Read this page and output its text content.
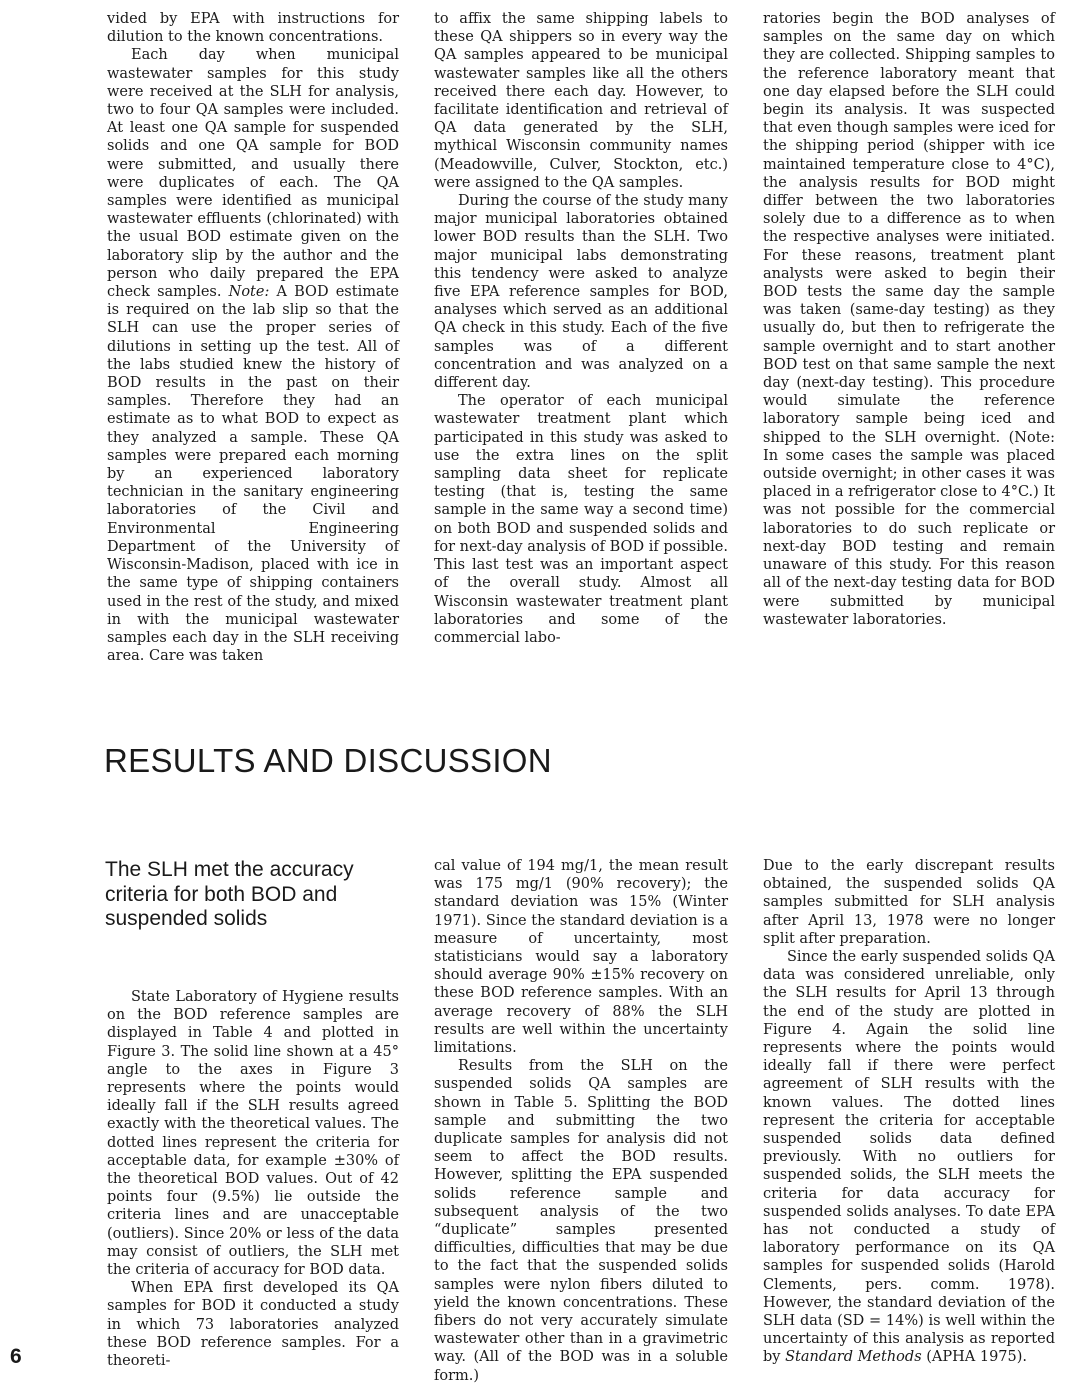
vided by EPA with instructions for dilution to the known concentrations.

Each day when municipal wastewater samples for this study were received at the SLH for analysis, two to four QA samples were included. At least one QA sample for suspended solids and one QA sample for BOD were submitted, and usually there were duplicates of each. The QA samples were identified as municipal wastewater effluents (chlorinated) with the usual BOD estimate given on the laboratory slip by the author and the person who daily prepared the EPA check samples. Note: A BOD estimate is required on the lab slip so that the SLH can use the proper series of dilutions in setting up the test. All of the labs studied knew the history of BOD results in the past on their samples. Therefore they had an estimate as to what BOD to expect as they analyzed a sample. These QA samples were prepared each morning by an experienced laboratory technician in the sanitary engineering laboratories of the Civil and Environmental Engineering Department of the University of Wisconsin-Madison, placed with ice in the same type of shipping containers used in the rest of the study, and mixed in with the municipal wastewater samples each day in the SLH receiving area. Care was taken

to affix the same shipping labels to these QA shippers so in every way the QA samples appeared to be municipal wastewater samples like all the others received there each day. However, to facilitate identification and retrieval of QA data generated by the SLH, mythical Wisconsin community names (Meadowville, Culver, Stockton, etc.) were assigned to the QA samples.

During the course of the study many major municipal laboratories obtained lower BOD results than the SLH. Two major municipal labs demonstrating this tendency were asked to analyze five EPA reference samples for BOD, analyses which served as an additional QA check in this study. Each of the five samples was of a different concentration and was analyzed on a different day.

The operator of each municipal wastewater treatment plant which participated in this study was asked to use the extra lines on the split sampling data sheet for replicate testing (that is, testing the same sample in the same way a second time) on both BOD and suspended solids and for next-day analysis of BOD if possible. This last test was an important aspect of the overall study. Almost all Wisconsin wastewater treatment plant laboratories and some of the commercial labo-

ratories begin the BOD analyses of samples on the same day on which they are collected. Shipping samples to the reference laboratory meant that one day elapsed before the SLH could begin its analysis. It was suspected that even though samples were iced for the shipping period (shipper with ice maintained temperature close to 4°C), the analysis results for BOD might differ between the two laboratories solely due to a difference as to when the respective analyses were initiated. For these reasons, treatment plant analysts were asked to begin their BOD tests the same day the sample was taken (same-day testing) as they usually do, but then to refrigerate the sample overnight and to start another BOD test on that same sample the next day (next-day testing). This procedure would simulate the reference laboratory sample being iced and shipped to the SLH overnight. (Note: In some cases the sample was placed outside overnight; in other cases it was placed in a refrigerator close to 4°C.) It was not possible for the commercial laboratories to do such replicate or next-day BOD testing and remain unaware of this study. For this reason all of the next-day testing data for BOD were submitted by municipal wastewater laboratories.

RESULTS AND DISCUSSION
The SLH met the accuracy criteria for both BOD and suspended solids

State Laboratory of Hygiene results on the BOD reference samples are displayed in Table 4 and plotted in Figure 3. The solid line shown at a 45° angle to the axes in Figure 3 represents where the points would ideally fall if the SLH results agreed exactly with the theoretical values. The dotted lines represent the criteria for acceptable data, for example ±30% of the theoretical BOD values. Out of 42 points four (9.5%) lie outside the criteria lines and are unacceptable (outliers). Since 20% or less of the data may consist of outliers, the SLH met the criteria of accuracy for BOD data.

When EPA first developed its QA samples for BOD it conducted a study in which 73 laboratories analyzed these BOD reference samples. For a theoreti-

cal value of 194 mg/1, the mean result was 175 mg/1 (90% recovery); the standard deviation was 15% (Winter 1971). Since the standard deviation is a measure of uncertainty, most statisticians would say a laboratory should average 90% ±15% recovery on these BOD reference samples. With an average recovery of 88% the SLH results are well within the uncertainty limitations.

Results from the SLH on the suspended solids QA samples are shown in Table 5. Splitting the BOD sample and submitting the two duplicate samples for analysis did not seem to affect the BOD results. However, splitting the EPA suspended solids reference sample and subsequent analysis of the two “duplicate” samples presented difficulties, difficulties that may be due to the fact that the suspended solids samples were nylon fibers diluted to yield the known concentrations. These fibers do not very accurately simulate wastewater other than in a gravimetric way. (All of the BOD was in a soluble form.)

Due to the early discrepant results obtained, the suspended solids QA samples submitted for SLH analysis after April 13, 1978 were no longer split after preparation.

Since the early suspended solids QA data was considered unreliable, only the SLH results for April 13 through the end of the study are plotted in Figure 4. Again the solid line represents where the points would ideally fall if there were perfect agreement of SLH results with the known values. The dotted lines represent the criteria for acceptable suspended solids data defined previously. With no outliers for suspended solids, the SLH meets the criteria for data accuracy for suspended solids analyses. To date EPA has not conducted a study of laboratory performance on its QA samples for suspended solids (Harold Clements, pers. comm. 1978). However, the standard deviation of the SLH data (SD = 14%) is well within the uncertainty of this analysis as reported by Standard Methods (APHA 1975).

6
